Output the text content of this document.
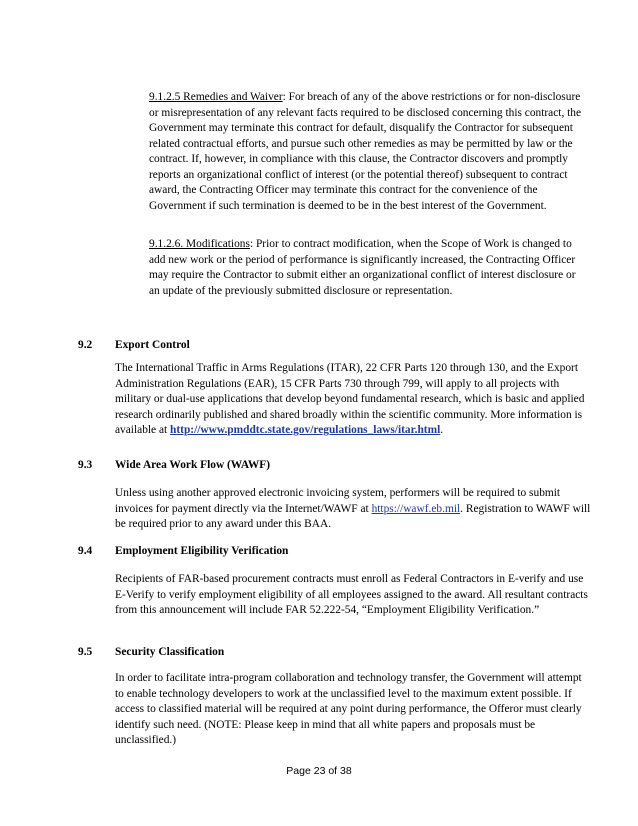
9.1.2.5 Remedies and Waiver: For breach of any of the above restrictions or for non-disclosure or misrepresentation of any relevant facts required to be disclosed concerning this contract, the Government may terminate this contract for default, disqualify the Contractor for subsequent related contractual efforts, and pursue such other remedies as may be permitted by law or the contract. If, however, in compliance with this clause, the Contractor discovers and promptly reports an organizational conflict of interest (or the potential thereof) subsequent to contract award, the Contracting Officer may terminate this contract for the convenience of the Government if such termination is deemed to be in the best interest of the Government.
9.1.2.6. Modifications: Prior to contract modification, when the Scope of Work is changed to add new work or the period of performance is significantly increased, the Contracting Officer may require the Contractor to submit either an organizational conflict of interest disclosure or an update of the previously submitted disclosure or representation.
9.2 Export Control
The International Traffic in Arms Regulations (ITAR), 22 CFR Parts 120 through 130, and the Export Administration Regulations (EAR), 15 CFR Parts 730 through 799, will apply to all projects with military or dual-use applications that develop beyond fundamental research, which is basic and applied research ordinarily published and shared broadly within the scientific community. More information is available at http://www.pmddtc.state.gov/regulations_laws/itar.html.
9.3 Wide Area Work Flow (WAWF)
Unless using another approved electronic invoicing system, performers will be required to submit invoices for payment directly via the Internet/WAWF at https://wawf.eb.mil. Registration to WAWF will be required prior to any award under this BAA.
9.4 Employment Eligibility Verification
Recipients of FAR-based procurement contracts must enroll as Federal Contractors in E-verify and use E-Verify to verify employment eligibility of all employees assigned to the award. All resultant contracts from this announcement will include FAR 52.222-54, “Employment Eligibility Verification.”
9.5 Security Classification
In order to facilitate intra-program collaboration and technology transfer, the Government will attempt to enable technology developers to work at the unclassified level to the maximum extent possible. If access to classified material will be required at any point during performance, the Offeror must clearly identify such need. (NOTE: Please keep in mind that all white papers and proposals must be unclassified.)
Page 23 of 38
